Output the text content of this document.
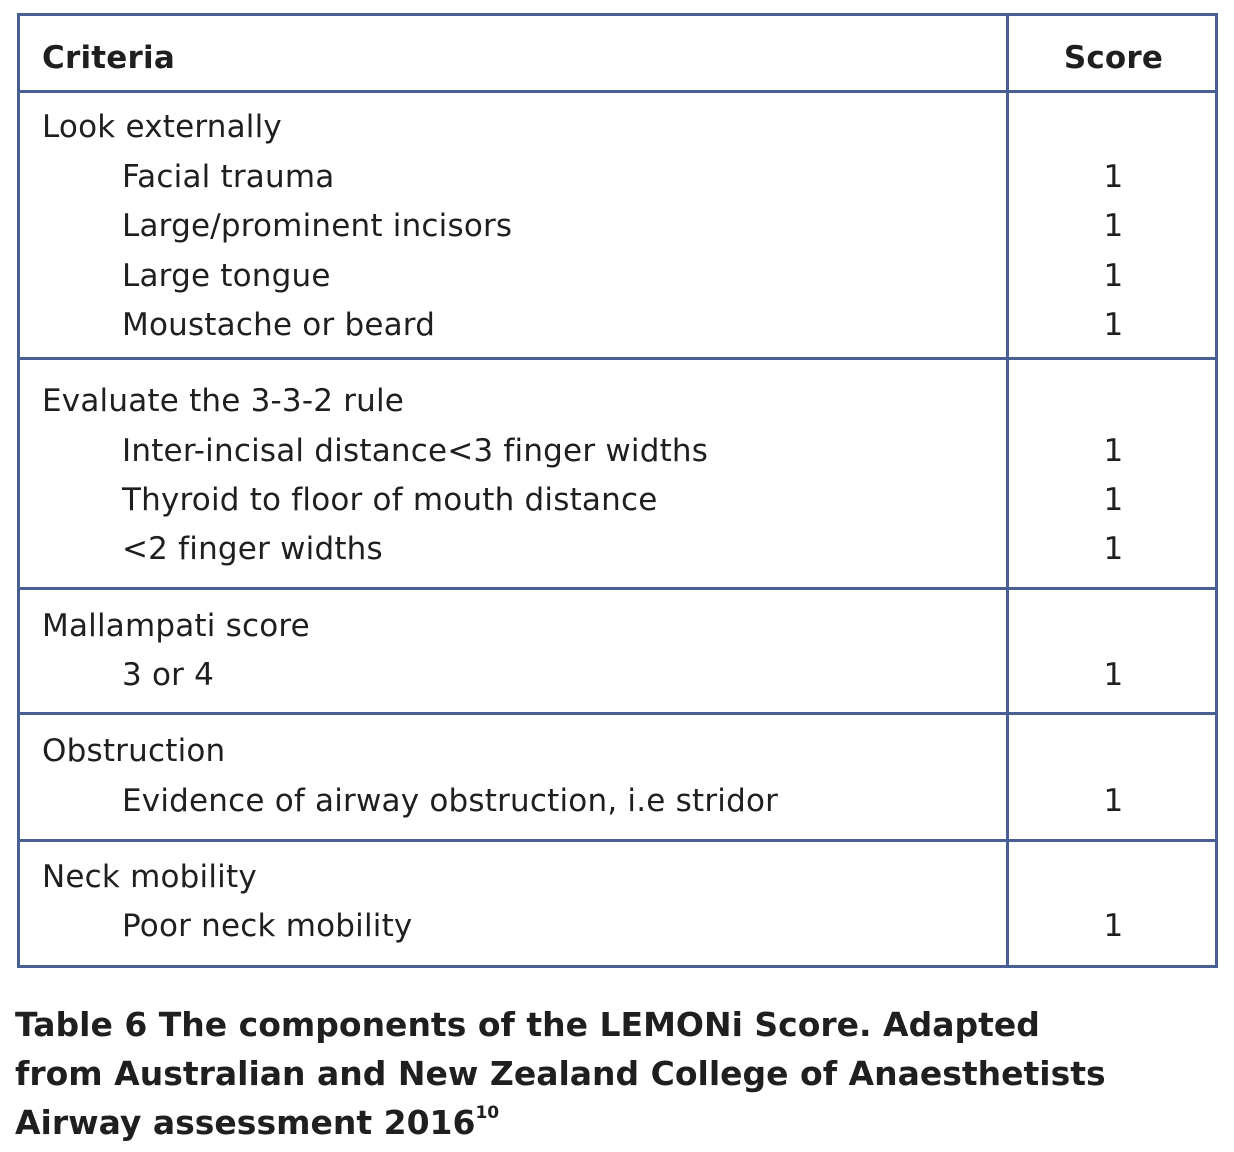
Criteria	Score
Look externally
Facial trauma	1
Large/prominent incisors	1
Large tongue	1
Moustache or beard	1
Evaluate the 3-3-2 rule
Inter-incisal distance<3 finger widths	1
Thyroid to floor of mouth distance	1
<2 finger widths	1
Mallampati score
3 or 4	1
Obstruction
Evidence of airway obstruction, i.e stridor	1
Neck mobility
Poor neck mobility	1
Table 6 The components of the LEMONi Score. Adapted
from Australian and New Zealand College of Anaesthetists
Airway assessment 2016$^{10}$
